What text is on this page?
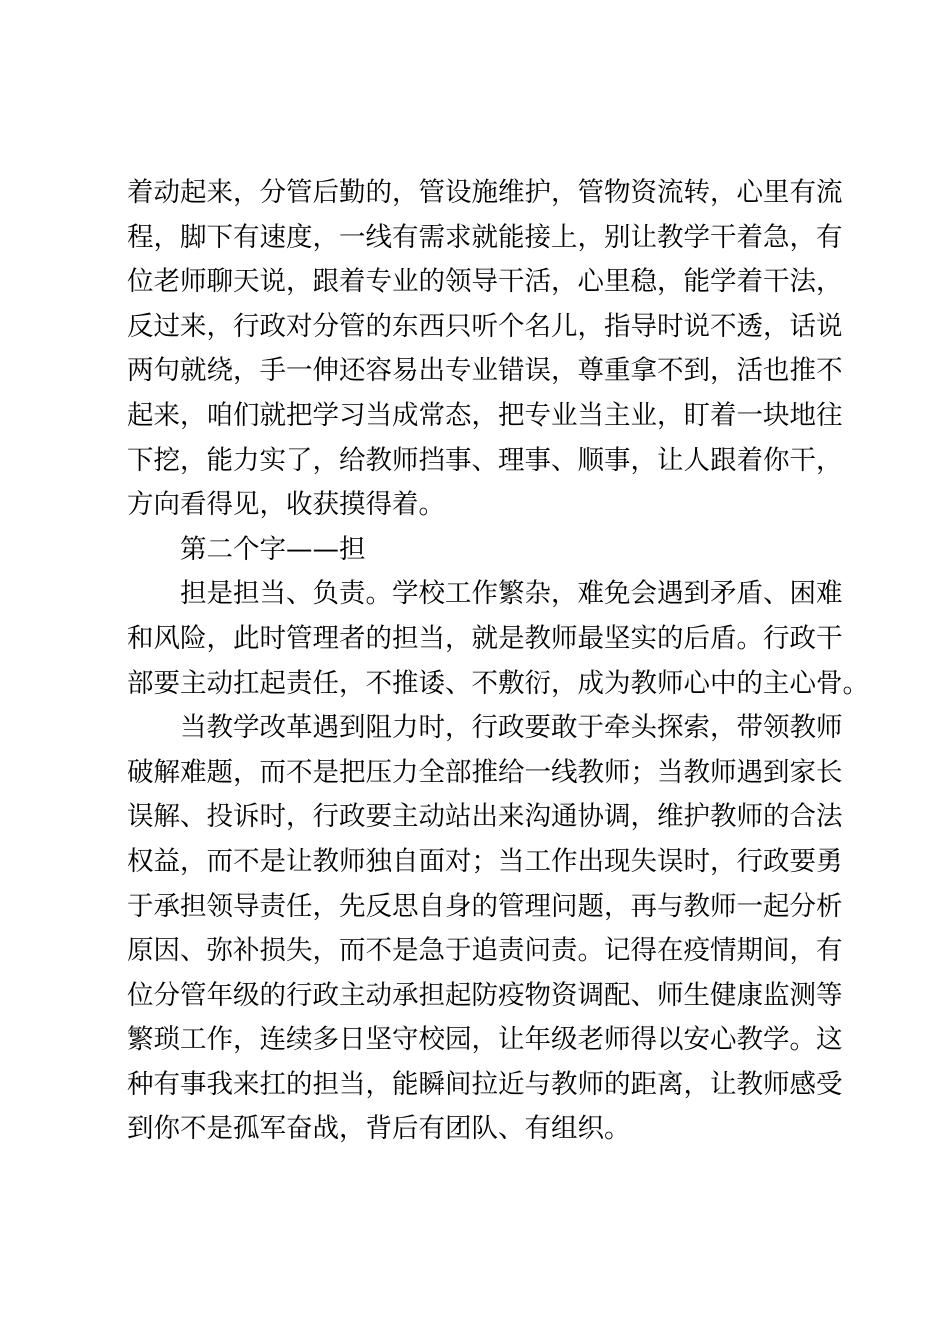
着动起来，分管后勤的，管设施维护，管物资流转，心里有流
程，脚下有速度，一线有需求就能接上，别让教学干着急，有
位老师聊天说，跟着专业的领导干活，心里稳，能学着干法，
反过来，行政对分管的东西只听个名儿，指导时说不透，话说
两句就绕，手一伸还容易出专业错误，尊重拿不到，活也推不
起来，咱们就把学习当成常态，把专业当主业，盯着一块地往
下挖，能力实了，给教师挡事、理事、顺事，让人跟着你干，
方向看得见，收获摸得着。
第二个字——担
担是担当、负责。学校工作繁杂，难免会遇到矛盾、困难
和风险，此时管理者的担当，就是教师最坚实的后盾。行政干
部要主动扛起责任，不推诿、不敷衍，成为教师心中的主心骨。
当教学改革遇到阻力时，行政要敢于牵头探索，带领教师
破解难题，而不是把压力全部推给一线教师；当教师遇到家长
误解、投诉时，行政要主动站出来沟通协调，维护教师的合法
权益，而不是让教师独自面对；当工作出现失误时，行政要勇
于承担领导责任，先反思自身的管理问题，再与教师一起分析
原因、弥补损失，而不是急于追责问责。记得在疫情期间，有
位分管年级的行政主动承担起防疫物资调配、师生健康监测等
繁琐工作，连续多日坚守校园，让年级老师得以安心教学。这
种有事我来扛的担当，能瞬间拉近与教师的距离，让教师感受
到你不是孤军奋战，背后有团队、有组织。
